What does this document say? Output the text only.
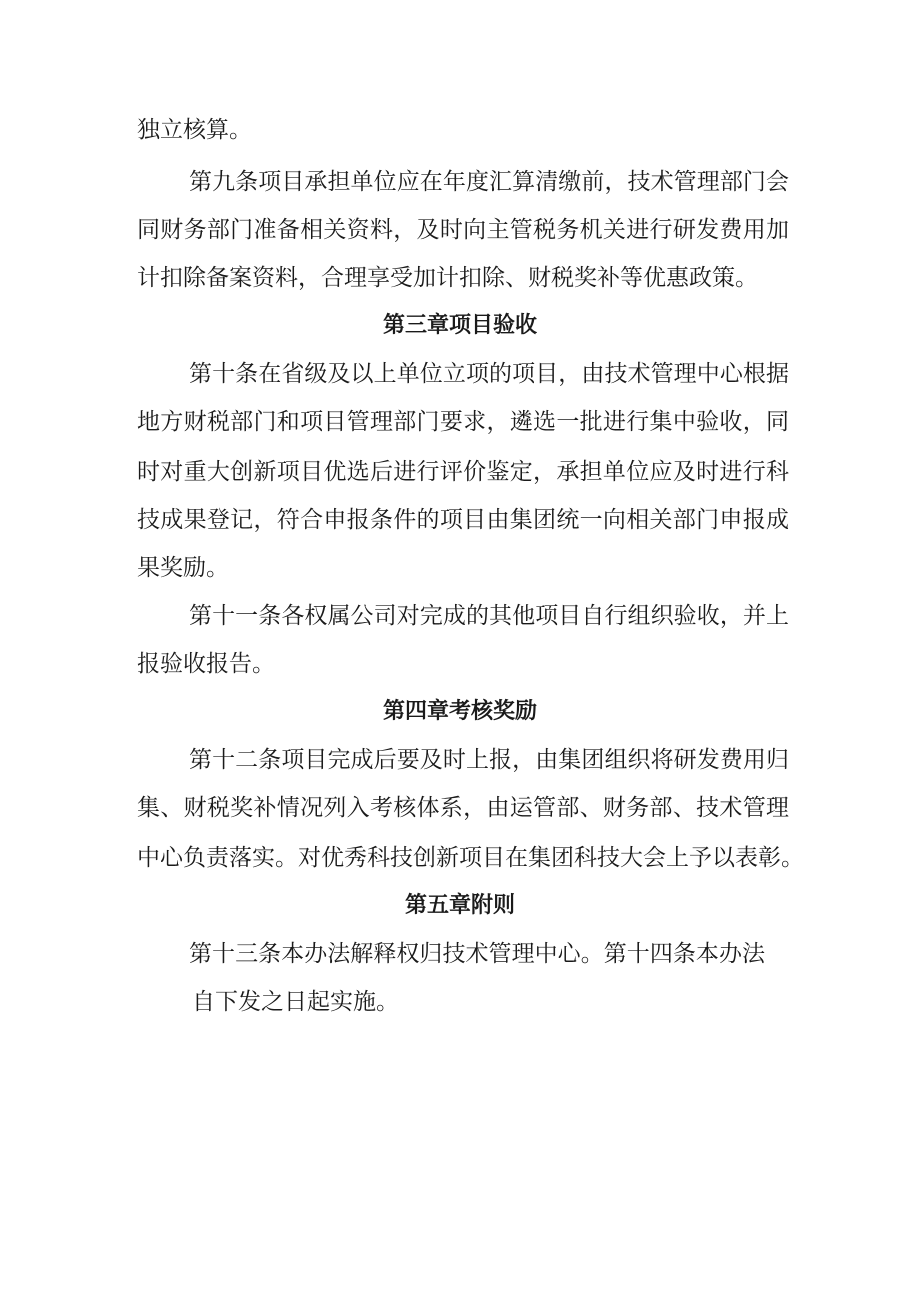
独立核算。

第九条项目承担单位应在年度汇算清缴前，技术管理部门会

同财务部门准备相关资料，及时向主管税务机关进行研发费用加

计扣除备案资料，合理享受加计扣除、财税奖补等优惠政策。

第三章项目验收

第十条在省级及以上单位立项的项目，由技术管理中心根据

地方财税部门和项目管理部门要求，遴选一批进行集中验收，同

时对重大创新项目优选后进行评价鉴定，承担单位应及时进行科

技成果登记，符合申报条件的项目由集团统一向相关部门申报成

果奖励。

第十一条各权属公司对完成的其他项目自行组织验收，并上

报验收报告。

第四章考核奖励

第十二条项目完成后要及时上报，由集团组织将研发费用归

集、财税奖补情况列入考核体系，由运管部、财务部、技术管理

中心负责落实。对优秀科技创新项目在集团科技大会上予以表彰。

第五章附则

第十三条本办法解释权归技术管理中心。第十四条本办法

自下发之日起实施。
